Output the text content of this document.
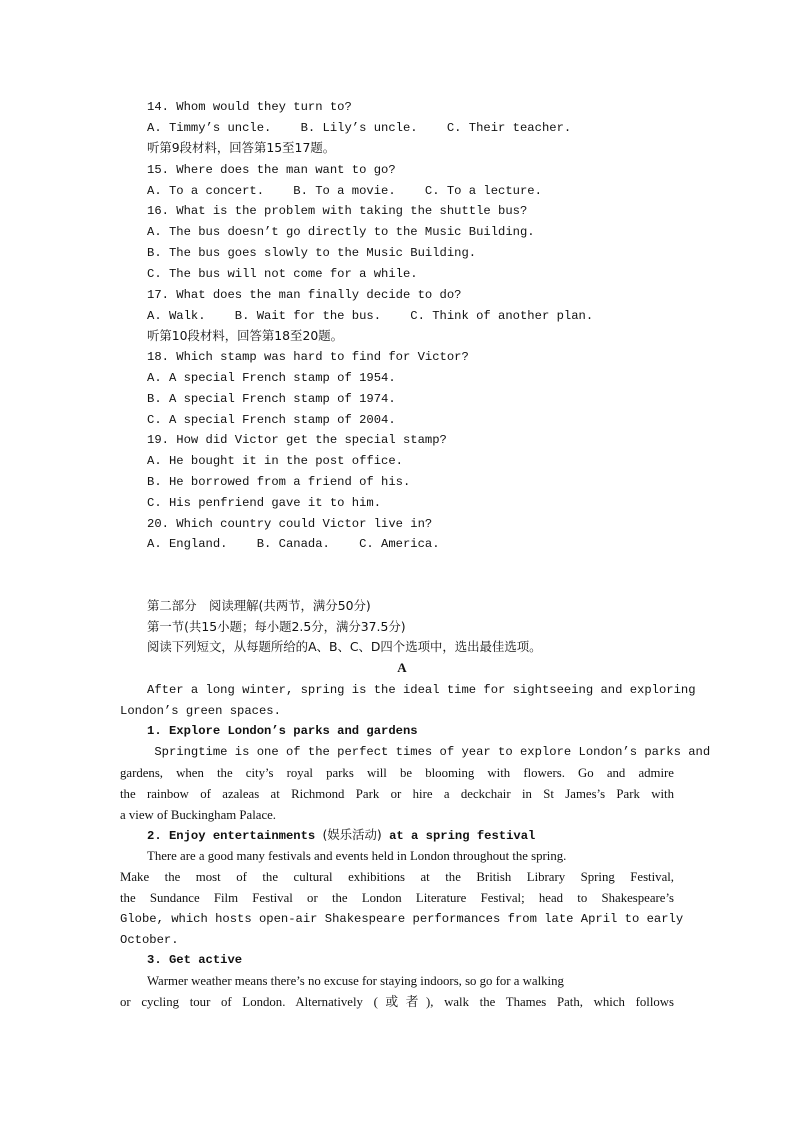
14. Whom would they turn to?

A. Timmy’s uncle.    B. Lily’s uncle.    C. Their teacher.

听第9段材料，回答第15至17题。

15. Where does the man want to go?

A. To a concert.    B. To a movie.    C. To a lecture.

16. What is the problem with taking the shuttle bus?

A. The bus doesn’t go directly to the Music Building.

B. The bus goes slowly to the Music Building.

C. The bus will not come for a while.

17. What does the man finally decide to do?

A. Walk.    B. Wait for the bus.    C. Think of another plan.

听第10段材料，回答第18至20题。

18. Which stamp was hard to find for Victor?

A. A special French stamp of 1954.

B. A special French stamp of 1974.

C. A special French stamp of 2004.

19. How did Victor get the special stamp?

A. He bought it in the post office.

B. He borrowed from a friend of his.

C. His penfriend gave it to him.

20. Which country could Victor live in?

A. England.    B. Canada.    C. America.

第二部分　阅读理解(共两节，满分50分)

第一节(共15小题；每小题2.5分，满分37.5分)

阅读下列短文，从每题所给的A、B、C、D四个选项中，选出最佳选项。

A

After a long winter, spring is the ideal time for sightseeing and exploring

London’s green spaces.

1. Explore London’s parks and gardens

Springtime is one of the perfect times of year to explore London’s parks and

gardens, when the city’s royal parks will be blooming with flowers. Go and admire
the rainbow of azaleas at Richmond Park or hire a deckchair in St James’s Park with

a view of Buckingham Palace.

2. Enjoy entertainments (娱乐活动) at a spring festival

There are a good many festivals and events held in London throughout the spring.

Make the most of the cultural exhibitions at the British Library Spring Festival,
the Sundance Film Festival or the London Literature Festival; head to Shakespeare’s
Globe, which hosts open-air Shakespeare performances from late April to early

October.

3. Get active

Warmer weather means there’s no excuse for staying indoors, so go for a walking

or cycling tour of London. Alternatively (或者), walk the Thames Path, which follows
